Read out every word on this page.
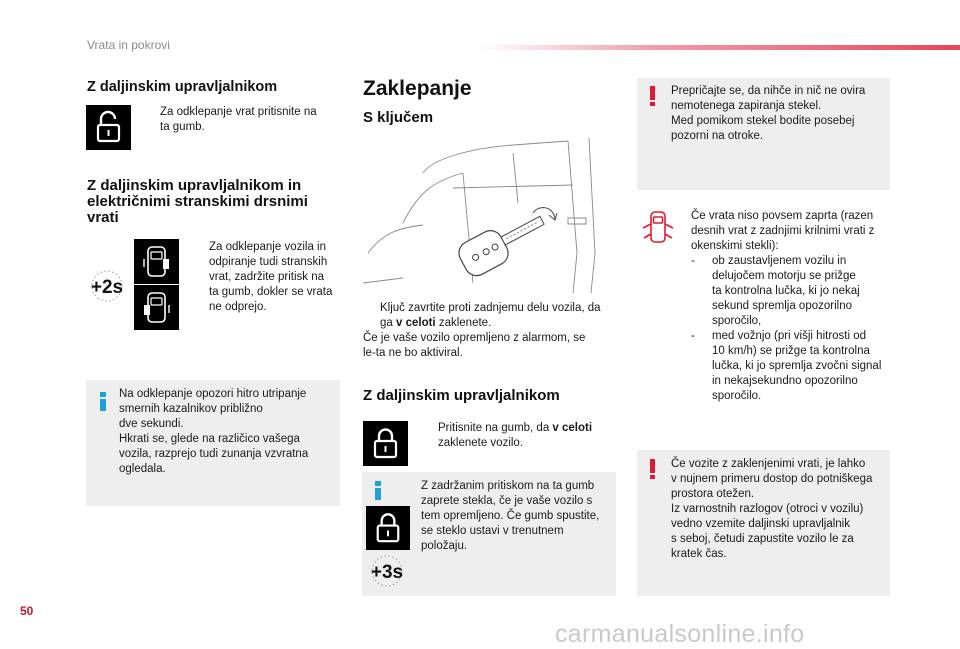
Vrata in pokrovi
Z daljinskim upravljalnikom
Za odklepanje vrat pritisnite na
ta gumb.
Z daljinskim upravljalnikom in
električnimi stranskimi drsnimi
vrati
+2s
Za odklepanje vozila in
odpiranje tudi stranskih
vrat, zadržite pritisk na
ta gumb, dokler se vrata
ne odprejo.
Na odklepanje opozori hitro utripanje
smernih kazalnikov približno
dve sekundi.
Hkrati se, glede na različico vašega
vozila, razprejo tudi zunanja vzvratna
ogledala.
Zaklepanje
S ključem
Ključ zavrtite proti zadnjemu delu vozila, da
ga v celoti zaklenete.
Če je vaše vozilo opremljeno z alarmom, se
le-ta ne bo aktiviral.
Z daljinskim upravljalnikom
Pritisnite na gumb, da v celoti
zaklenete vozilo.
+3s
Z zadržanim pritiskom na ta gumb
zaprete stekla, če je vaše vozilo s
tem opremljeno. Če gumb spustite,
se steklo ustavi v trenutnem
položaju.
Prepričajte se, da nihče in nič ne ovira
nemotenega zapiranja stekel.
Med pomikom stekel bodite posebej
pozorni na otroke.
Če vrata niso povsem zaprta (razen
desnih vrat z zadnjimi krilnimi vrati z
okenskimi stekli):
- ob zaustavljenem vozilu in
delujočem motorju se prižge
ta kontrolna lučka, ki jo nekaj
sekund spremlja opozorilno
sporočilo,
- med vožnjo (pri višji hitrosti od
10 km/h) se prižge ta kontrolna
lučka, ki jo spremlja zvočni signal
in nekajsekundno opozorilno
sporočilo.
Če vozite z zaklenjenimi vrati, je lahko
v nujnem primeru dostop do potniškega
prostora otežen.
Iz varnostnih razlogov (otroci v vozilu)
vedno vzemite daljinski upravljalnik
s seboj, četudi zapustite vozilo le za
kratek čas.
50
carmanualsonline.info
